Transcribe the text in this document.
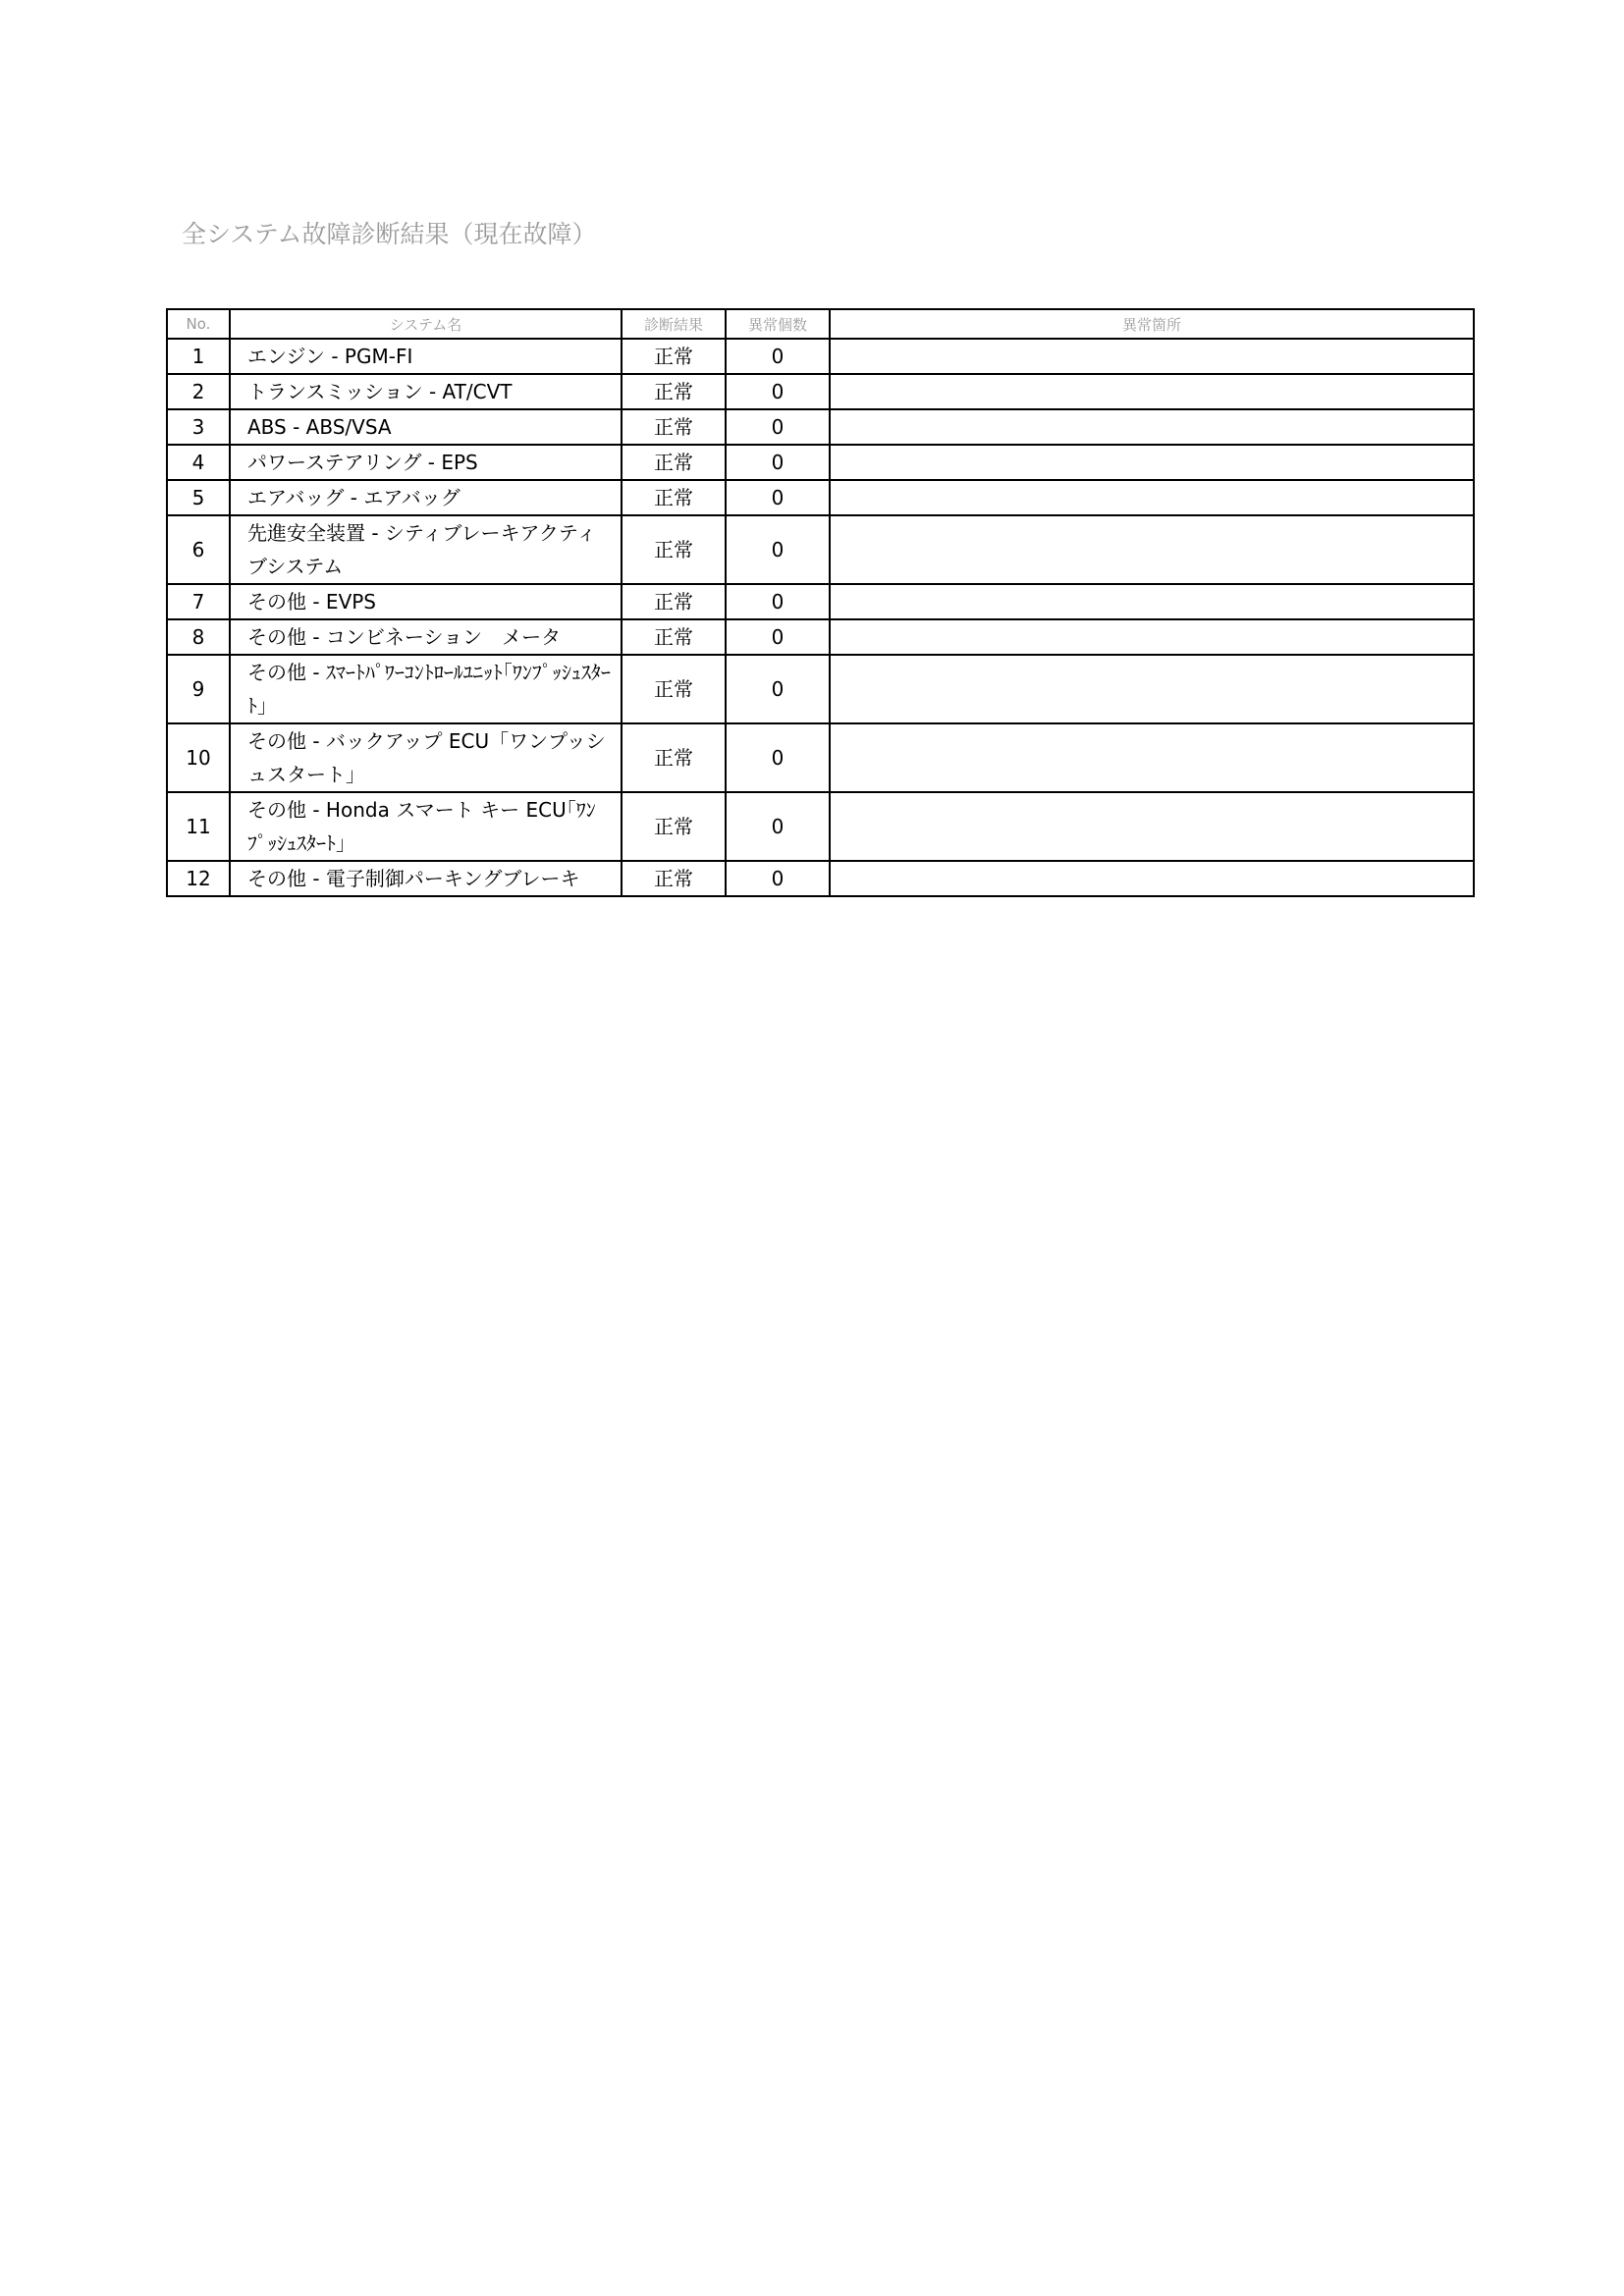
全システム故障診断結果（現在故障）
No.	システム名	診断結果	異常個数	異常箇所
1	エンジン - PGM-FI	正常	0	
2	トランスミッション - AT/CVT	正常	0	
3	ABS - ABS/VSA	正常	0	
4	パワーステアリング - EPS	正常	0	
5	エアバッグ - エアバッグ	正常	0	
6	先進安全装置 - シティブレーキアクティブシステム	正常	0	
7	その他 - EVPS	正常	0	
8	その他 - コンビネーション　メータ	正常	0	
9	その他 - ｽﾏｰﾄﾊﾟﾜｰｺﾝﾄﾛｰﾙﾕﾆｯﾄ｢ﾜﾝﾌﾟｯｼｭｽﾀｰﾄ｣	正常	0	
10	その他 - バックアップ ECU「ワンプッシュスタート」	正常	0	
11	その他 - Honda スマート キー ECU｢ﾜﾝﾌﾟｯｼｭｽﾀｰﾄ｣	正常	0	
12	その他 - 電子制御パーキングブレーキ	正常	0	
